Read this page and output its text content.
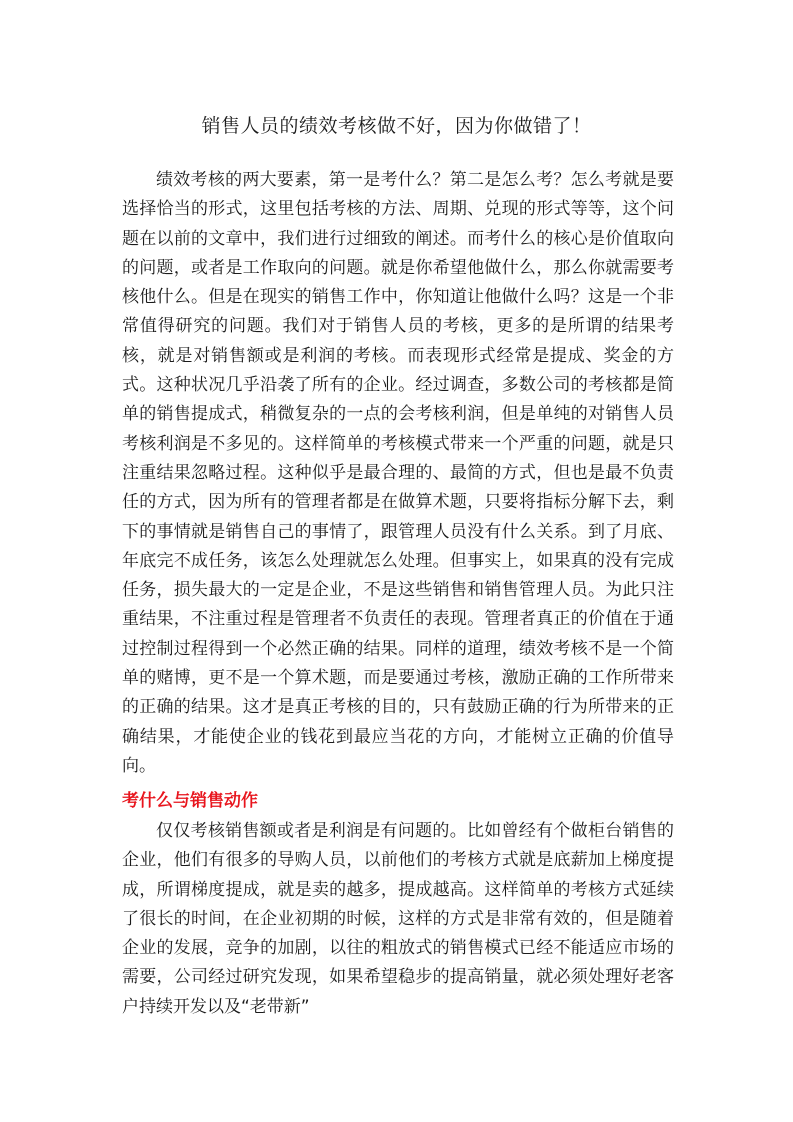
销售人员的绩效考核做不好，因为你做错了！

绩效考核的两大要素，第一是考什么？第二是怎么考？怎么考就是要选择恰当的形式，这里包括考核的方法、周期、兑现的形式等等，这个问题在以前的文章中，我们进行过细致的阐述。而考什么的核心是价值取向的问题，或者是工作取向的问题。就是你希望他做什么，那么你就需要考核他什么。但是在现实的销售工作中，你知道让他做什么吗？这是一个非常值得研究的问题。我们对于销售人员的考核，更多的是所谓的结果考核，就是对销售额或是利润的考核。而表现形式经常是提成、奖金的方式。这种状况几乎沿袭了所有的企业。经过调查，多数公司的考核都是简单的销售提成式，稍微复杂的一点的会考核利润，但是单纯的对销售人员考核利润是不多见的。这样简单的考核模式带来一个严重的问题，就是只注重结果忽略过程。这种似乎是最合理的、最简的方式，但也是最不负责任的方式，因为所有的管理者都是在做算术题，只要将指标分解下去，剩下的事情就是销售自己的事情了，跟管理人员没有什么关系。到了月底、年底完不成任务，该怎么处理就怎么处理。但事实上，如果真的没有完成任务，损失最大的一定是企业，不是这些销售和销售管理人员。为此只注重结果，不注重过程是管理者不负责任的表现。管理者真正的价值在于通过控制过程得到一个必然正确的结果。同样的道理，绩效考核不是一个简单的赌博，更不是一个算术题，而是要通过考核，激励正确的工作所带来的正确的结果。这才是真正考核的目的，只有鼓励正确的行为所带来的正确结果，才能使企业的钱花到最应当花的方向，才能树立正确的价值导向。

考什么与销售动作

仅仅考核销售额或者是利润是有问题的。比如曾经有个做柜台销售的企业，他们有很多的导购人员，以前他们的考核方式就是底薪加上梯度提成，所谓梯度提成，就是卖的越多，提成越高。这样简单的考核方式延续了很长的时间，在企业初期的时候，这样的方式是非常有效的，但是随着企业的发展，竞争的加剧，以往的粗放式的销售模式已经不能适应市场的需要，公司经过研究发现，如果希望稳步的提高销量，就必须处理好老客户持续开发以及“老带新”
